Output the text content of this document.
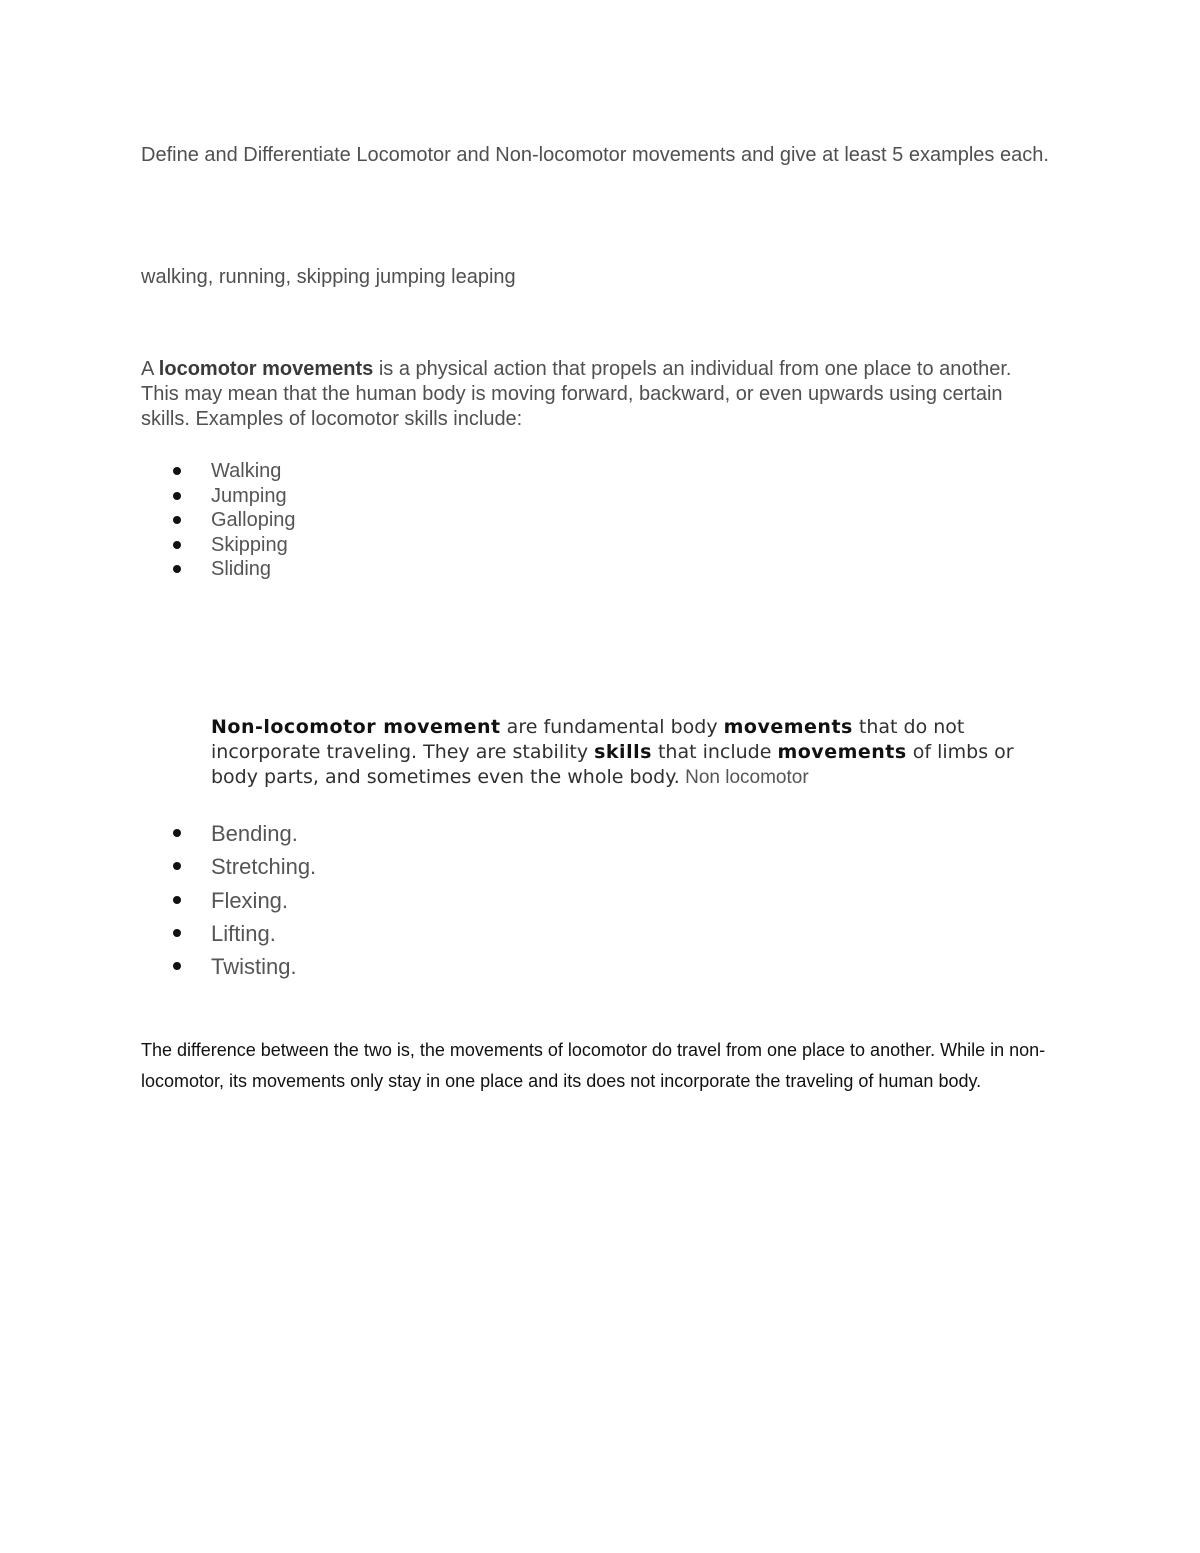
Define and Differentiate Locomotor and Non-locomotor movements and give at least 5 examples each.

walking, running, skipping jumping leaping

A locomotor movements is a physical action that propels an individual from one place to another. This may mean that the human body is moving forward, backward, or even upwards using certain skills. Examples of locomotor skills include:

Walking
Jumping
Galloping
Skipping
Sliding

Non-locomotor movement are fundamental body movements that do not incorporate traveling. They are stability skills that include movements of limbs or body parts, and sometimes even the whole body. Non locomotor

Bending.
Stretching.
Flexing.
Lifting.
Twisting.

The difference between the two is, the movements of locomotor do travel from one place to another. While in non-locomotor, its movements only stay in one place and its does not incorporate the traveling of human body.
